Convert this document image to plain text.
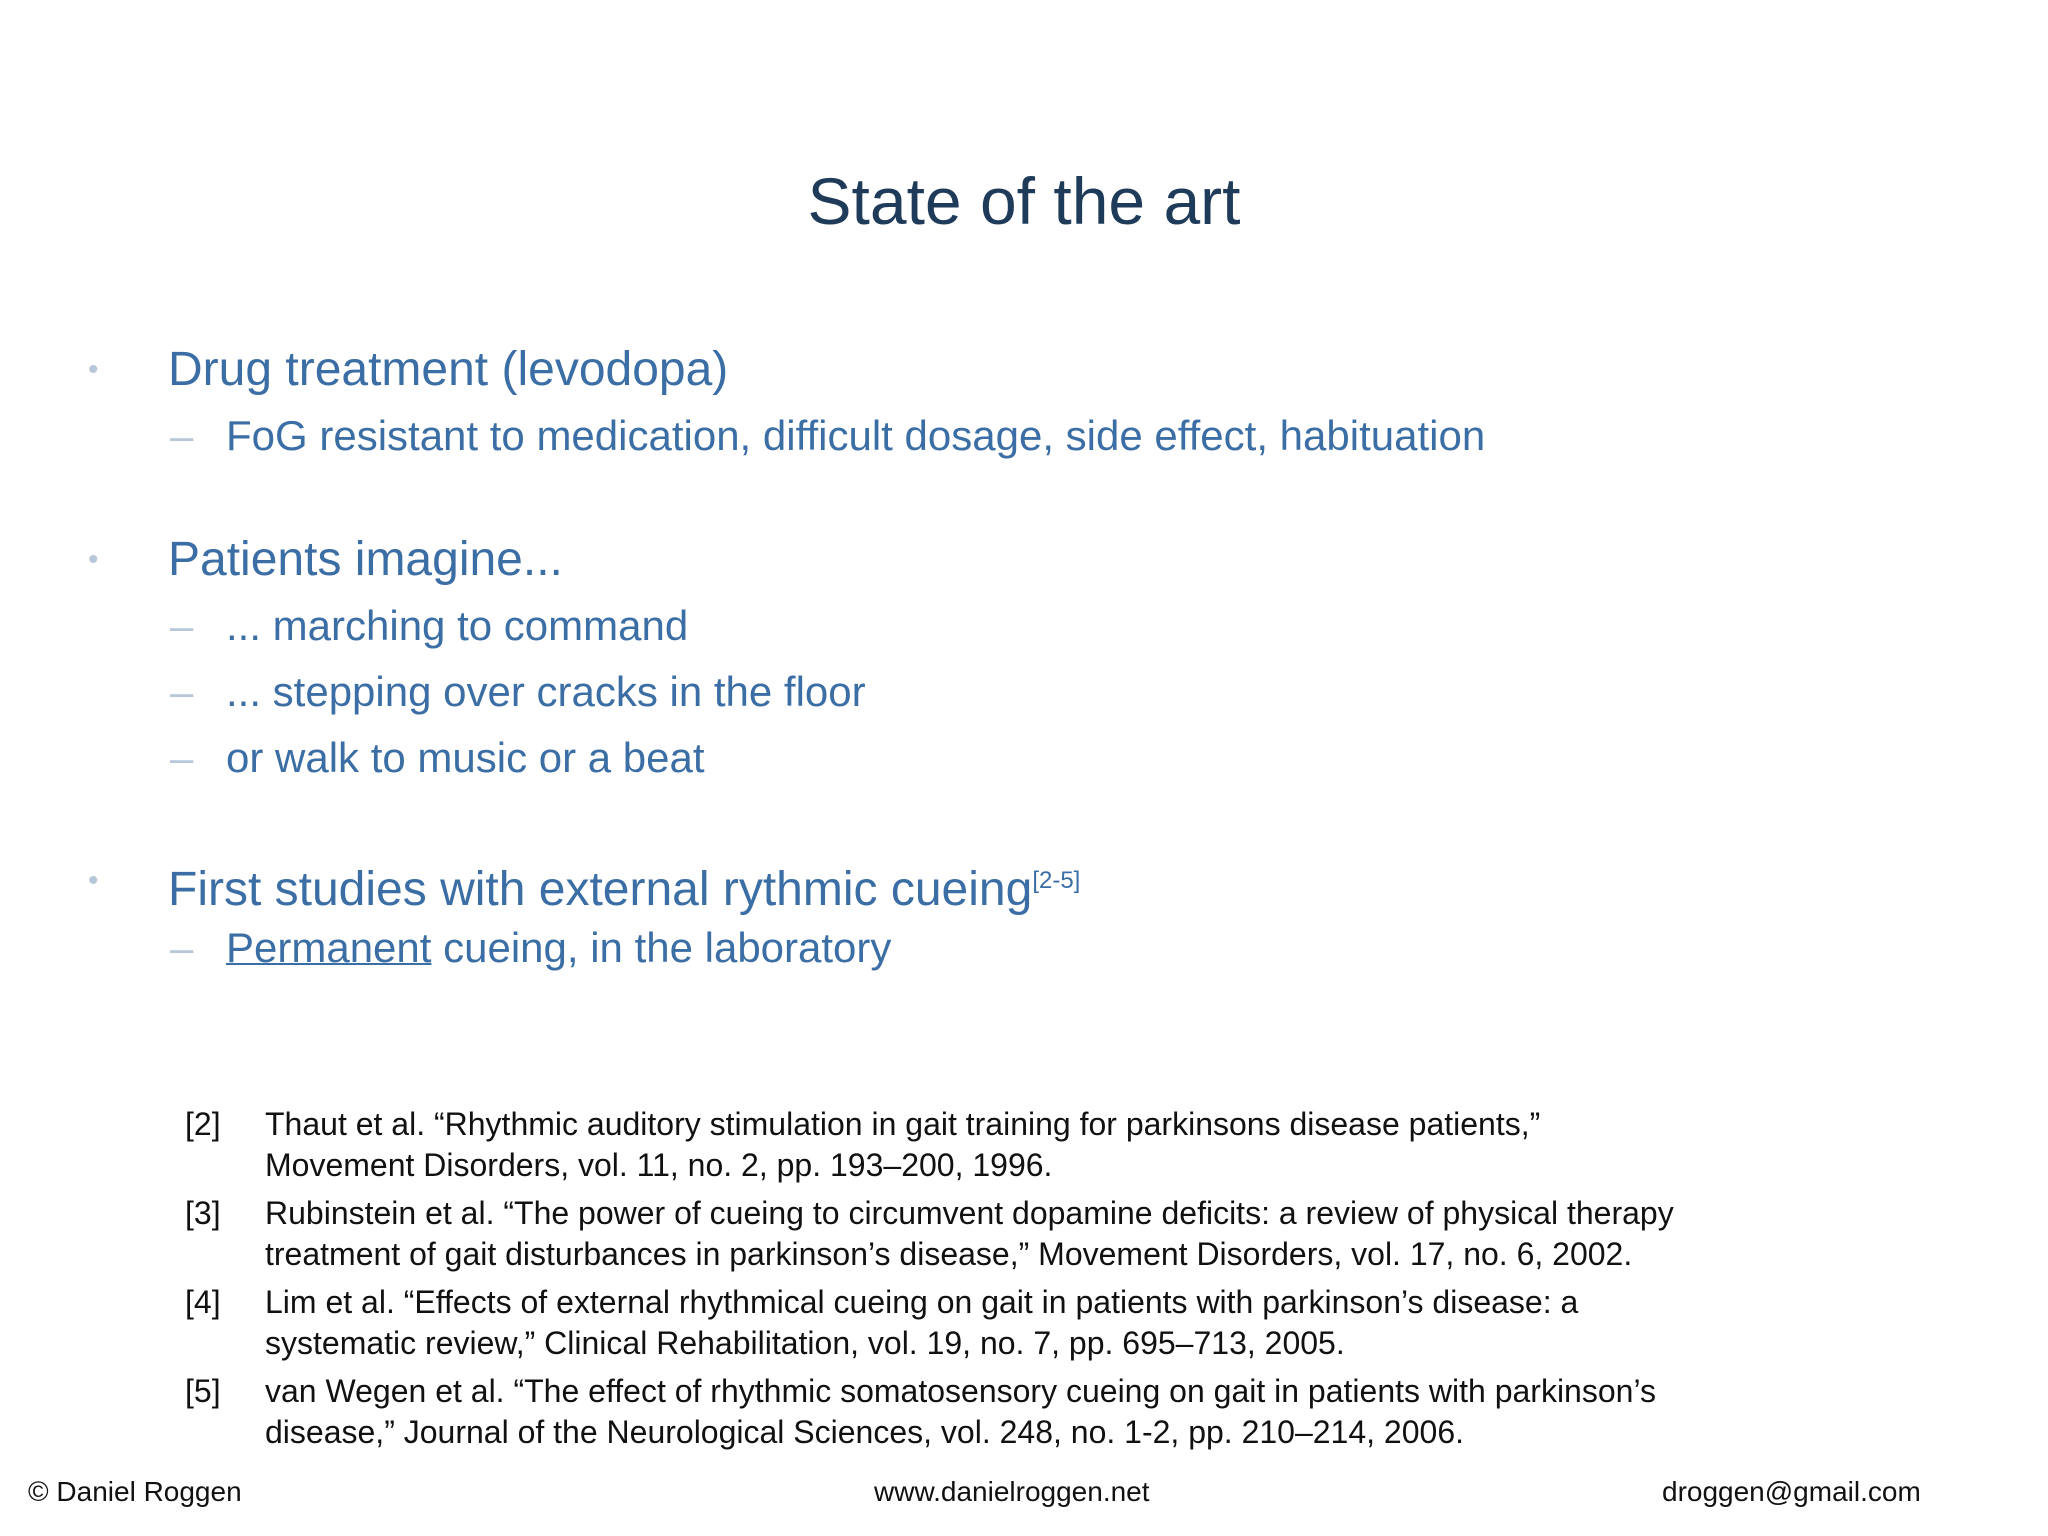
State of the art
• Drug treatment (levodopa)
– FoG resistant to medication, difficult dosage, side effect, habituation
• Patients imagine...
– ... marching to command
– ... stepping over cracks in the floor
– or walk to music or a beat
• First studies with external rythmic cueing[2-5]
– Permanent cueing, in the laboratory
[2] Thaut et al. “Rhythmic auditory stimulation in gait training for parkinsons disease patients,”
Movement Disorders, vol. 11, no. 2, pp. 193–200, 1996.
[3] Rubinstein et al. “The power of cueing to circumvent dopamine deficits: a review of physical therapy
treatment of gait disturbances in parkinson’s disease,” Movement Disorders, vol. 17, no. 6, 2002.
[4] Lim et al. “Effects of external rhythmical cueing on gait in patients with parkinson’s disease: a
systematic review,” Clinical Rehabilitation, vol. 19, no. 7, pp. 695–713, 2005.
[5] van Wegen et al. “The effect of rhythmic somatosensory cueing on gait in patients with parkinson’s
disease,” Journal of the Neurological Sciences, vol. 248, no. 1-2, pp. 210–214, 2006.
© Daniel Roggen	www.danielroggen.net	droggen@gmail.com
